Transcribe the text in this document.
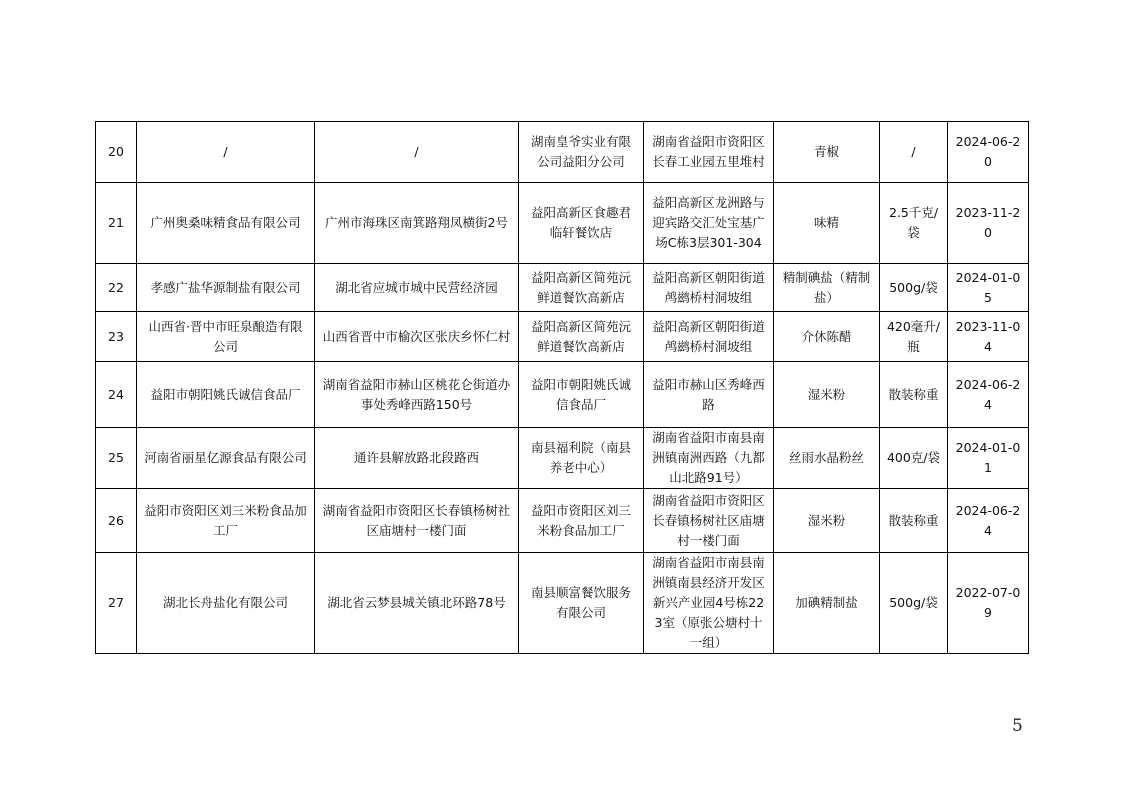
20	/	/	湖南皇爷实业有限公司益阳分公司	湖南省益阳市资阳区长春工业园五里堆村	青椒	/	2024-06-20
21	广州奥桑味精食品有限公司	广州市海珠区南箕路翔凤横街2号	益阳高新区食趣君临轩餐饮店	益阳高新区龙洲路与迎宾路交汇处宝基广场C栋3层301-304	味精	2.5千克/袋	2023-11-20
22	孝感广盐华源制盐有限公司	湖北省应城市城中民营经济园	益阳高新区简苑沅鲜道餐饮高新店	益阳高新区朝阳街道鸬鹚桥村洞坡组	精制碘盐（精制盐）	500g/袋	2024-01-05
23	山西省·晋中市旺泉酿造有限公司	山西省晋中市榆次区张庆乡怀仁村	益阳高新区简苑沅鲜道餐饮高新店	益阳高新区朝阳街道鸬鹚桥村洞坡组	介休陈醋	420毫升/瓶	2023-11-04
24	益阳市朝阳姚氏诚信食品厂	湖南省益阳市赫山区桃花仑街道办事处秀峰西路150号	益阳市朝阳姚氏诚信食品厂	益阳市赫山区秀峰西路	湿米粉	散装称重	2024-06-24
25	河南省丽星亿源食品有限公司	通许县解放路北段路西	南县福利院（南县养老中心）	湖南省益阳市南县南洲镇南洲西路（九都山北路91号）	丝雨水晶粉丝	400克/袋	2024-01-01
26	益阳市资阳区刘三米粉食品加工厂	湖南省益阳市资阳区长春镇杨树社区庙塘村一楼门面	益阳市资阳区刘三米粉食品加工厂	湖南省益阳市资阳区长春镇杨树社区庙塘村一楼门面	湿米粉	散装称重	2024-06-24
27	湖北长舟盐化有限公司	湖北省云梦县城关镇北环路78号	南县顺富餐饮服务有限公司	湖南省益阳市南县南洲镇南县经济开发区新兴产业园4号栋223室（原张公塘村十一组）	加碘精制盐	500g/袋	2022-07-09
5
